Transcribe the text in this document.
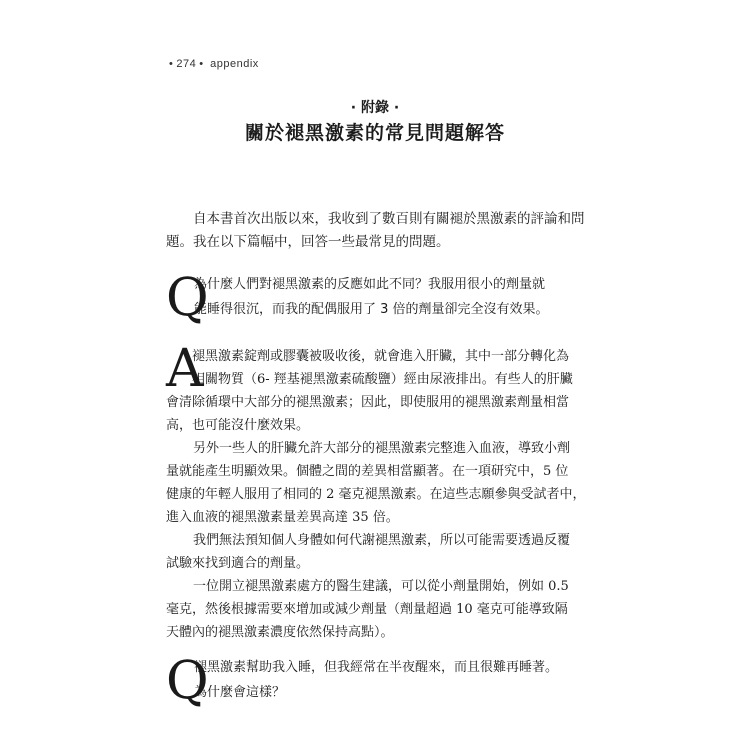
• 274 • appendix
· 附錄 ·
關於褪黑激素的常見問題解答

自本書首次出版以來，我收到了數百則有關褪於黑激素的評論和問
題。我在以下篇幅中，回答一些最常見的問題。

Q
為什麼人們對褪黑激素的反應如此不同？我服用很小的劑量就
能睡得很沉，而我的配偶服用了 3 倍的劑量卻完全沒有效果。
A
褪黑激素錠劑或膠囊被吸收後，就會進入肝臟，其中一部分轉化為
相關物質（6- 羥基褪黑激素硫酸鹽）經由尿液排出。有些人的肝臟

會清除循環中大部分的褪黑激素；因此，即使服用的褪黑激素劑量相當
高，也可能沒什麼效果。

另外一些人的肝臟允許大部分的褪黑激素完整進入血液，導致小劑
量就能產生明顯效果。個體之間的差異相當顯著。在一項研究中，5 位
健康的年輕人服用了相同的 2 毫克褪黑激素。在這些志願參與受試者中，
進入血液的褪黑激素量差異高達 35 倍。

我們無法預知個人身體如何代謝褪黑激素，所以可能需要透過反覆
試驗來找到適合的劑量。

一位開立褪黑激素處方的醫生建議，可以從小劑量開始，例如 0.5
毫克，然後根據需要來增加或減少劑量（劑量超過 10 毫克可能導致隔
天體內的褪黑激素濃度依然保持高點）。

Q
褪黑激素幫助我入睡，但我經常在半夜醒來，而且很難再睡著。
為什麼會這樣？
